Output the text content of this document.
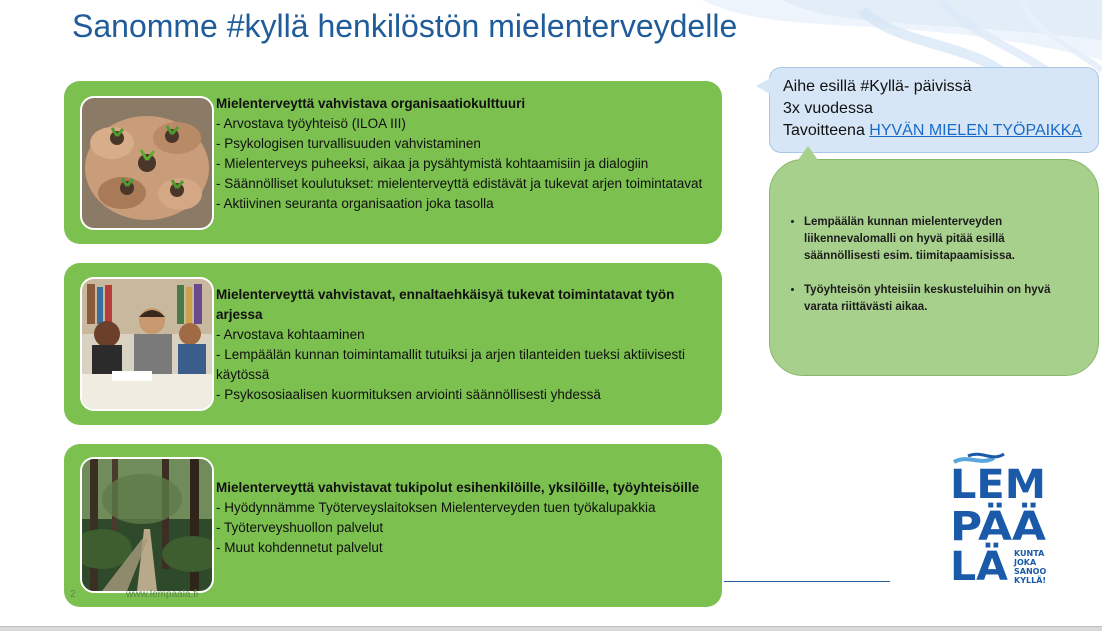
Sanomme #kyllä henkilöstön mielenterveydelle
Mielenterveyttä vahvistava organisaatiokulttuuri
- Arvostava työyhteisö (ILOA III)
- Psykologisen turvallisuuden vahvistaminen
- Mielenterveys puheeksi, aikaa ja pysähtymistä kohtaamisiin ja dialogiin
- Säännölliset koulutukset: mielenterveyttä edistävät ja tukevat arjen toimintatavat
- Aktiivinen seuranta organisaation joka tasolla
Mielenterveyttä vahvistavat, ennaltaehkäisyä tukevat toimintatavat työn arjessa
- Arvostava kohtaaminen
- Lempäälän kunnan toimintamallit tutuiksi ja arjen tilanteiden tueksi aktiivisesti käytössä
- Psykososiaalisen kuormituksen arviointi säännöllisesti yhdessä
Mielenterveyttä vahvistavat tukipolut esihenkilöille, yksilöille, työyhteisöille
- Hyödynnämme Työterveyslaitoksen Mielenterveyden tuen työkalupakkia
- Työterveyshuollon palvelut
- Muut kohdennetut palvelut
Aihe esillä #Kyllä- päivissä
3x vuodessa
Tavoitteena HYVÄN MIELEN TYÖPAIKKA
• Lempäälän kunnan mielenterveyden liikennevalomalli on hyvä pitää esillä säännöllisesti esim. tiimitapaamisissa.
• Työyhteisön yhteisiin keskusteluihin on hyvä varata riittävästi aikaa.
LEM
PÄÄ
LÄ KUNTA
JOKA
SANOO
KYLLÄ!
2	www.lempaala.fi
